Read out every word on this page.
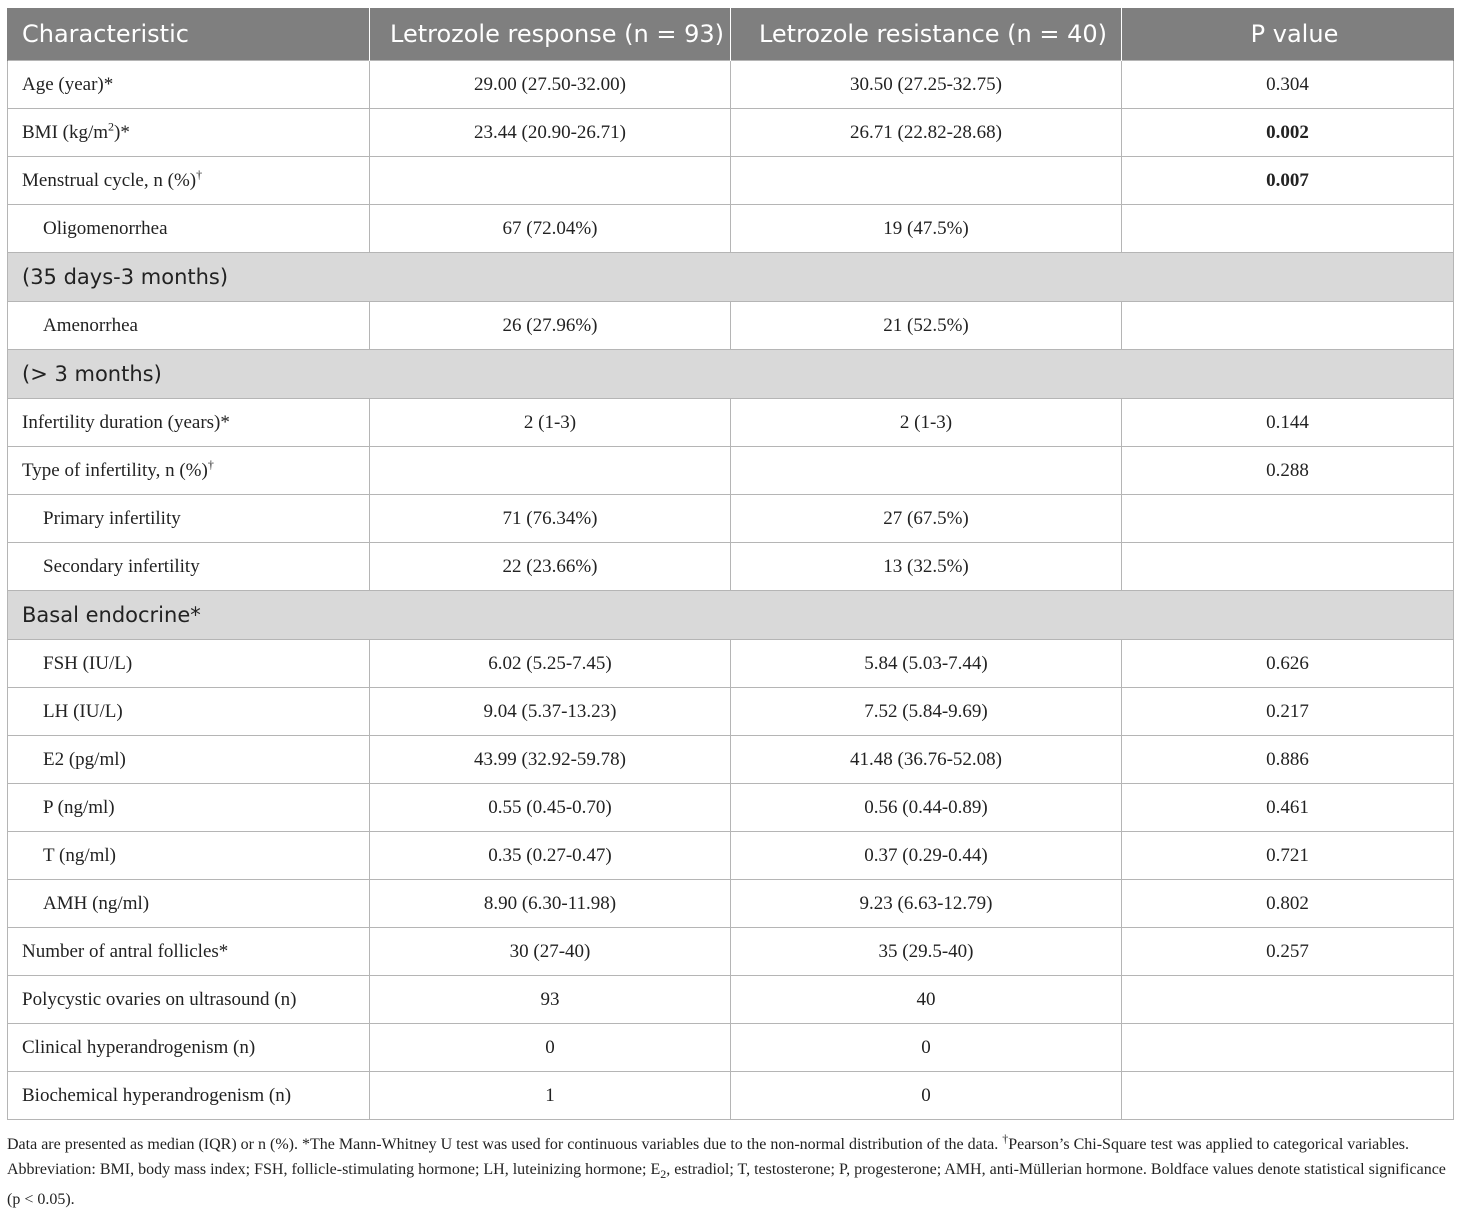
Characteristic	Letrozole response (n = 93)	Letrozole resistance (n = 40)	P value
Age (year)*	29.00 (27.50-32.00)	30.50 (27.25-32.75)	0.304
BMI $(kg/m^2)*$	23.44 (20.90-26.71)	26.71 (22.82-28.68)	0.002
Menstrual cycle, n (%)†			0.007
Oligomenorrhea	67 (72.04%)	19 (47.5%)	
(35 days-3 months)			
Amenorrhea	26 (27.96%)	21 (52.5%)	
(> 3 months)			
Infertility duration (years)*	2 (1-3)	2 (1-3)	0.144
Type of infertility, n (%)†			0.288
Primary infertility	71 (76.34%)	27 (67.5%)	
Secondary infertility	22 (23.66%)	13 (32.5%)	
Basal endocrine*			
FSH (IU/L)	6.02 (5.25-7.45)	5.84 (5.03-7.44)	0.626
LH (IU/L)	9.04 (5.37-13.23)	7.52 (5.84-9.69)	0.217
E2 (pg/ml)	43.99 (32.92-59.78)	41.48 (36.76-52.08)	0.886
P (ng/ml)	0.55 (0.45-0.70)	0.56 (0.44-0.89)	0.461
T (ng/ml)	0.35 (0.27-0.47)	0.37 (0.29-0.44)	0.721
AMH (ng/ml)	8.90 (6.30-11.98)	9.23 (6.63-12.79)	0.802
Number of antral follicles*	30 (27-40)	35 (29.5-40)	0.257
Polycystic ovaries on ultrasound (n)	93	40	
Clinical hyperandrogenism (n)	0	0	
Biochemical hyperandrogenism (n)	1	0	
Data are presented as median (IQR) or n (%). *The Mann-Whitney U test was used for continuous variables due to the non-normal distribution of the data. †Pearson’s Chi-Square test was applied to categorical variables. Abbreviation: BMI, body mass index; FSH, follicle-stimulating hormone; LH, luteinizing hormone; $E_2$, estradiol; T, testosterone; P, progesterone; AMH, anti-Müllerian hormone. Boldface values denote statistical significance (p < 0.05).
